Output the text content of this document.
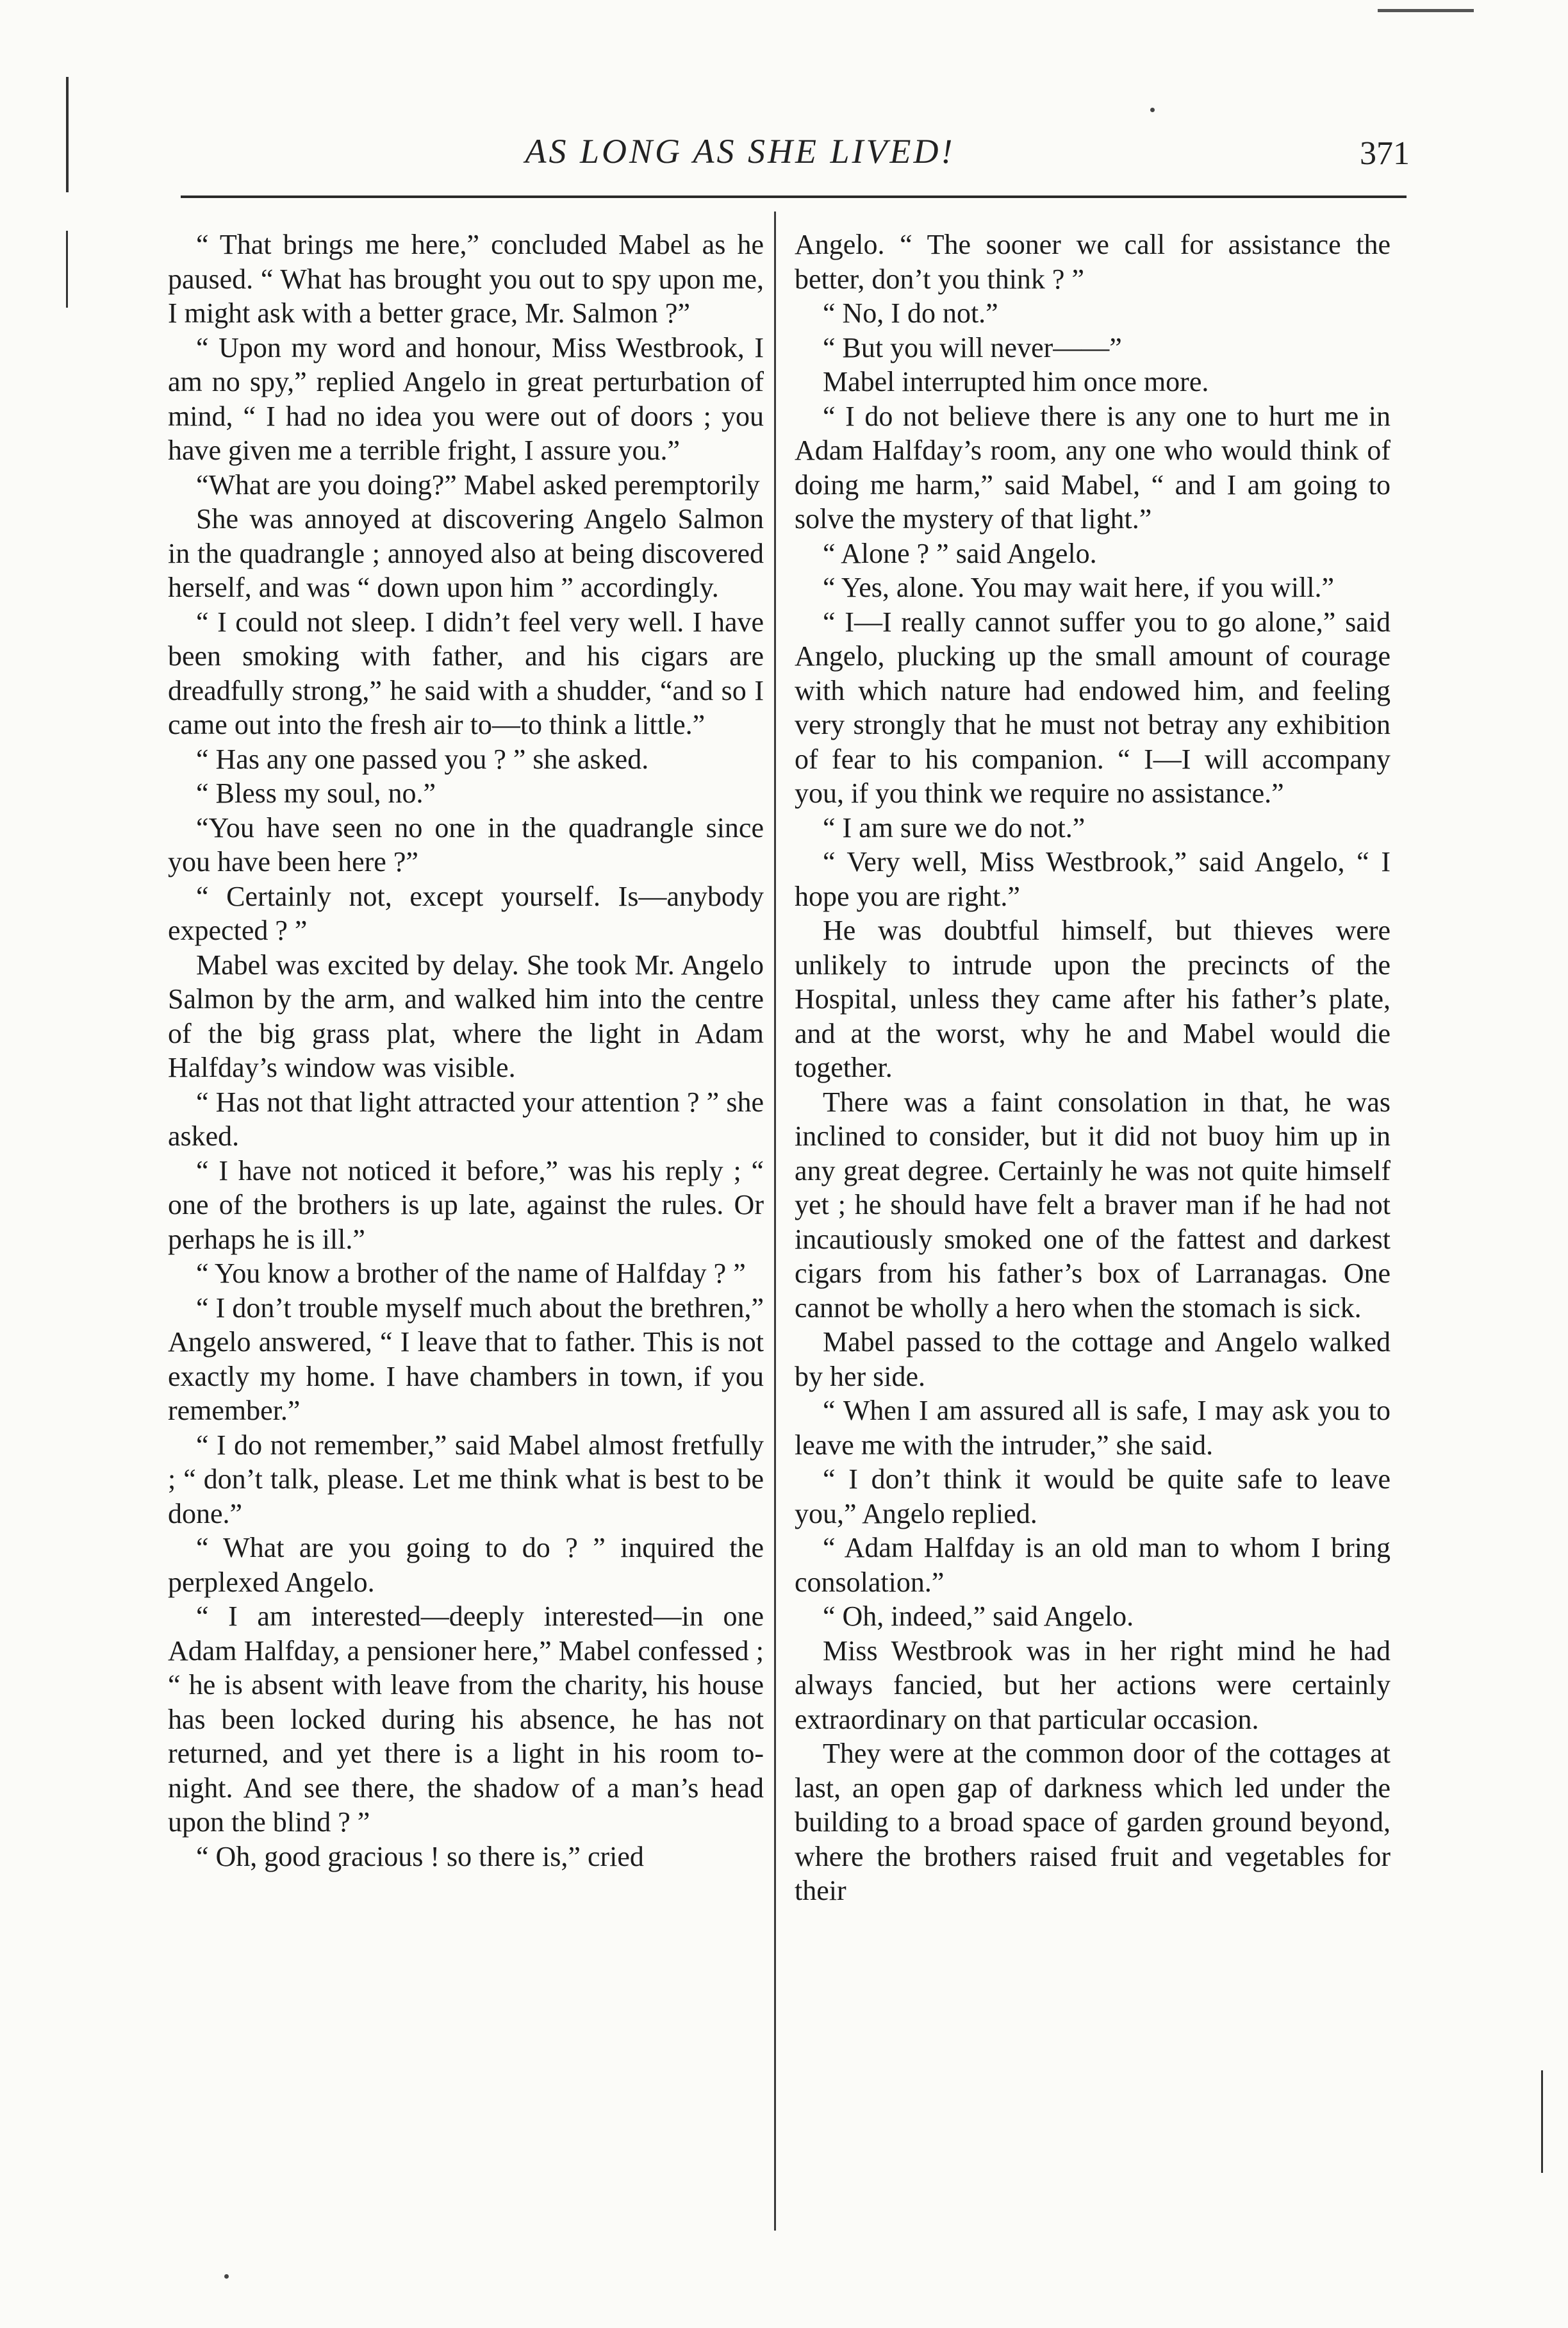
AS LONG AS SHE LIVED!	371

“ That brings me here,” concluded Mabel as he paused. “ What has brought you out to spy upon me, I might ask with a better grace, Mr. Salmon ?”

“ Upon my word and honour, Miss Westbrook, I am no spy,” replied Angelo in great perturbation of mind, “ I had no idea you were out of doors ; you have given me a terrible fright, I assure you.”

“What are you doing?” Mabel asked peremptorily

She was annoyed at discovering Angelo Salmon in the quadrangle ; annoyed also at being discovered herself, and was “ down upon him ” accordingly.

“ I could not sleep. I didn’t feel very well. I have been smoking with father, and his cigars are dreadfully strong,” he said with a shudder, “and so I came out into the fresh air to—to think a little.”

“ Has any one passed you ? ” she asked.

“ Bless my soul, no.”

“You have seen no one in the quadrangle since you have been here ?”

“ Certainly not, except yourself. Is—anybody expected ? ”

Mabel was excited by delay. She took Mr. Angelo Salmon by the arm, and walked him into the centre of the big grass plat, where the light in Adam Halfday’s window was visible.

“ Has not that light attracted your attention ? ” she asked.

“ I have not noticed it before,” was his reply ; “ one of the brothers is up late, against the rules. Or perhaps he is ill.”

“ You know a brother of the name of Halfday ? ”

“ I don’t trouble myself much about the brethren,” Angelo answered, “ I leave that to father. This is not exactly my home. I have chambers in town, if you remember.”

“ I do not remember,” said Mabel almost fretfully ; “ don’t talk, please. Let me think what is best to be done.”

“ What are you going to do ? ” inquired the perplexed Angelo.

“ I am interested—deeply interested—in one Adam Halfday, a pensioner here,” Mabel confessed ; “ he is absent with leave from the charity, his house has been locked during his absence, he has not returned, and yet there is a light in his room to-night. And see there, the shadow of a man’s head upon the blind ? ”

“ Oh, good gracious ! so there is,” cried

Angelo. “ The sooner we call for assistance the better, don’t you think ? ”

“ No, I do not.”

“ But you will never——”

Mabel interrupted him once more.

“ I do not believe there is any one to hurt me in Adam Halfday’s room, any one who would think of doing me harm,” said Mabel, “ and I am going to solve the mystery of that light.”

“ Alone ? ” said Angelo.

“ Yes, alone. You may wait here, if you will.”

“ I—I really cannot suffer you to go alone,” said Angelo, plucking up the small amount of courage with which nature had endowed him, and feeling very strongly that he must not betray any exhibition of fear to his companion. “ I—I will accompany you, if you think we require no assistance.”

“ I am sure we do not.”

“ Very well, Miss Westbrook,” said Angelo, “ I hope you are right.”

He was doubtful himself, but thieves were unlikely to intrude upon the precincts of the Hospital, unless they came after his father’s plate, and at the worst, why he and Mabel would die together.

There was a faint consolation in that, he was inclined to consider, but it did not buoy him up in any great degree. Certainly he was not quite himself yet ; he should have felt a braver man if he had not incautiously smoked one of the fattest and darkest cigars from his father’s box of Larranagas. One cannot be wholly a hero when the stomach is sick.

Mabel passed to the cottage and Angelo walked by her side.

“ When I am assured all is safe, I may ask you to leave me with the intruder,” she said.

“ I don’t think it would be quite safe to leave you,” Angelo replied.

“ Adam Halfday is an old man to whom I bring consolation.”

“ Oh, indeed,” said Angelo.

Miss Westbrook was in her right mind he had always fancied, but her actions were certainly extraordinary on that particular occasion.

They were at the common door of the cottages at last, an open gap of darkness which led under the building to a broad space of garden ground beyond, where the brothers raised fruit and vegetables for their
